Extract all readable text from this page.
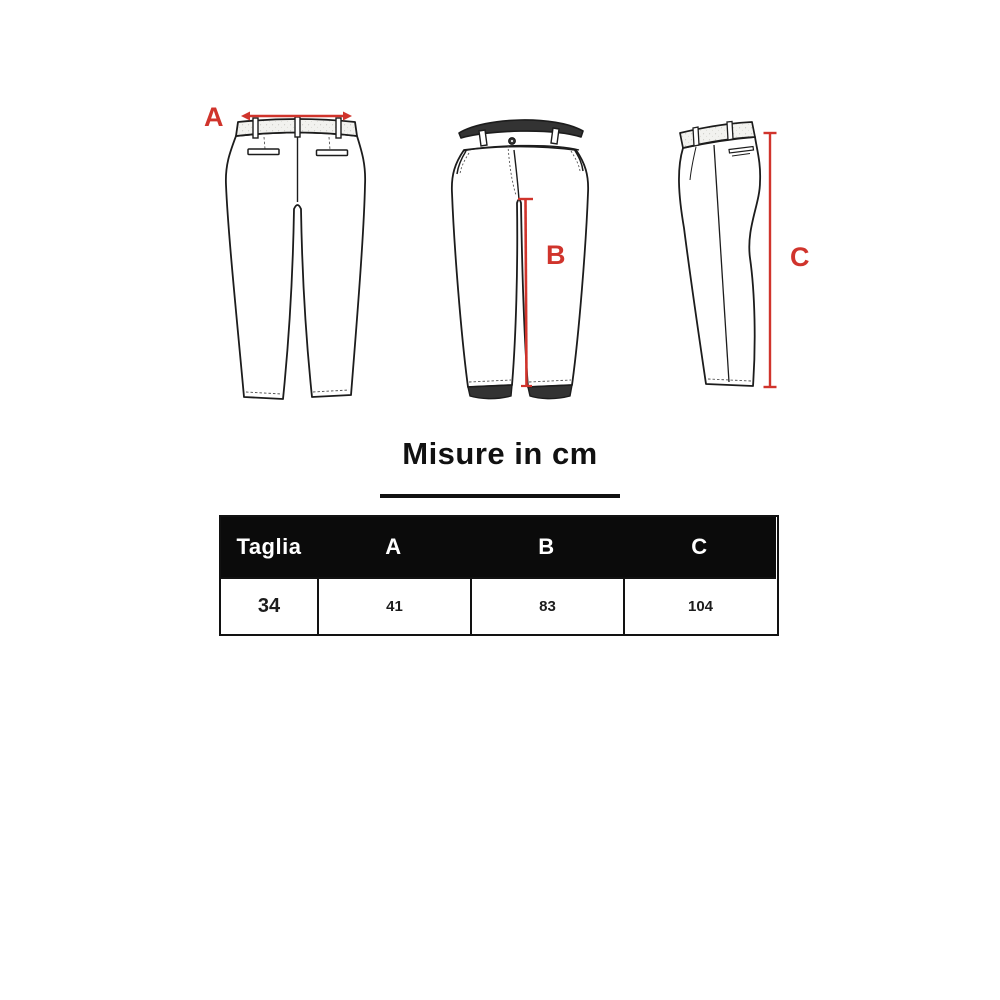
A
B	C
Misure in cm
Taglia	A	B	C
34	41	83	104
